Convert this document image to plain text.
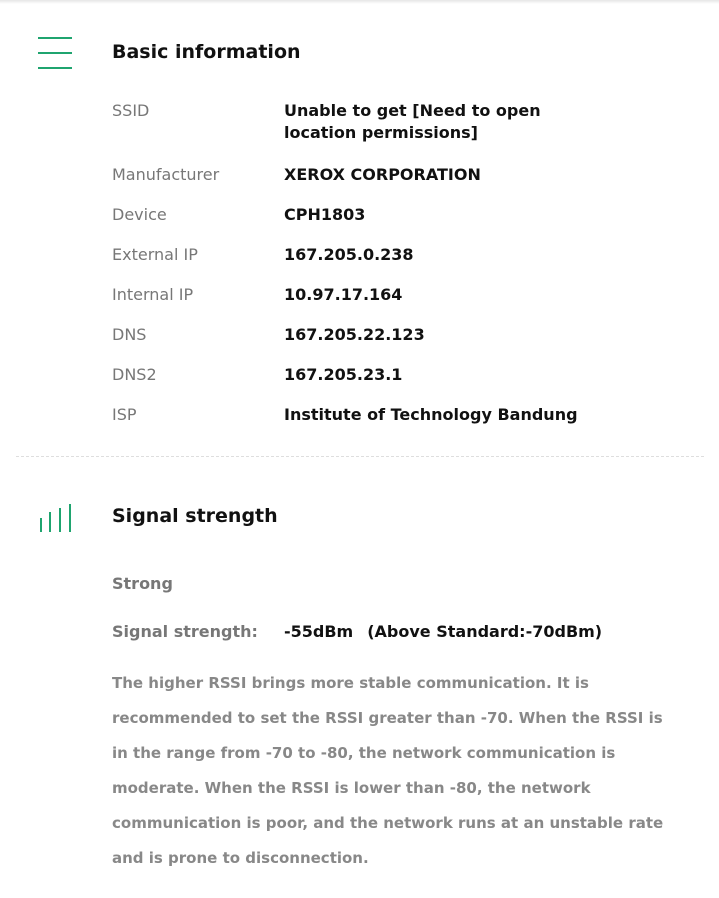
Basic information
SSID	Unable to get [Need to open location permissions]
Manufacturer	XEROX CORPORATION
Device	CPH1803
External IP	167.205.0.238
Internal IP	10.97.17.164
DNS	167.205.22.123
DNS2	167.205.23.1
ISP	Institute of Technology Bandung
Signal strength
Strong
Signal strength:	-55dBm (Above Standard:-70dBm)
The higher RSSI brings more stable communication. It is recommended to set the RSSI greater than -70. When the RSSI is in the range from -70 to -80, the network communication is moderate. When the RSSI is lower than -80, the network communication is poor, and the network runs at an unstable rate and is prone to disconnection.
